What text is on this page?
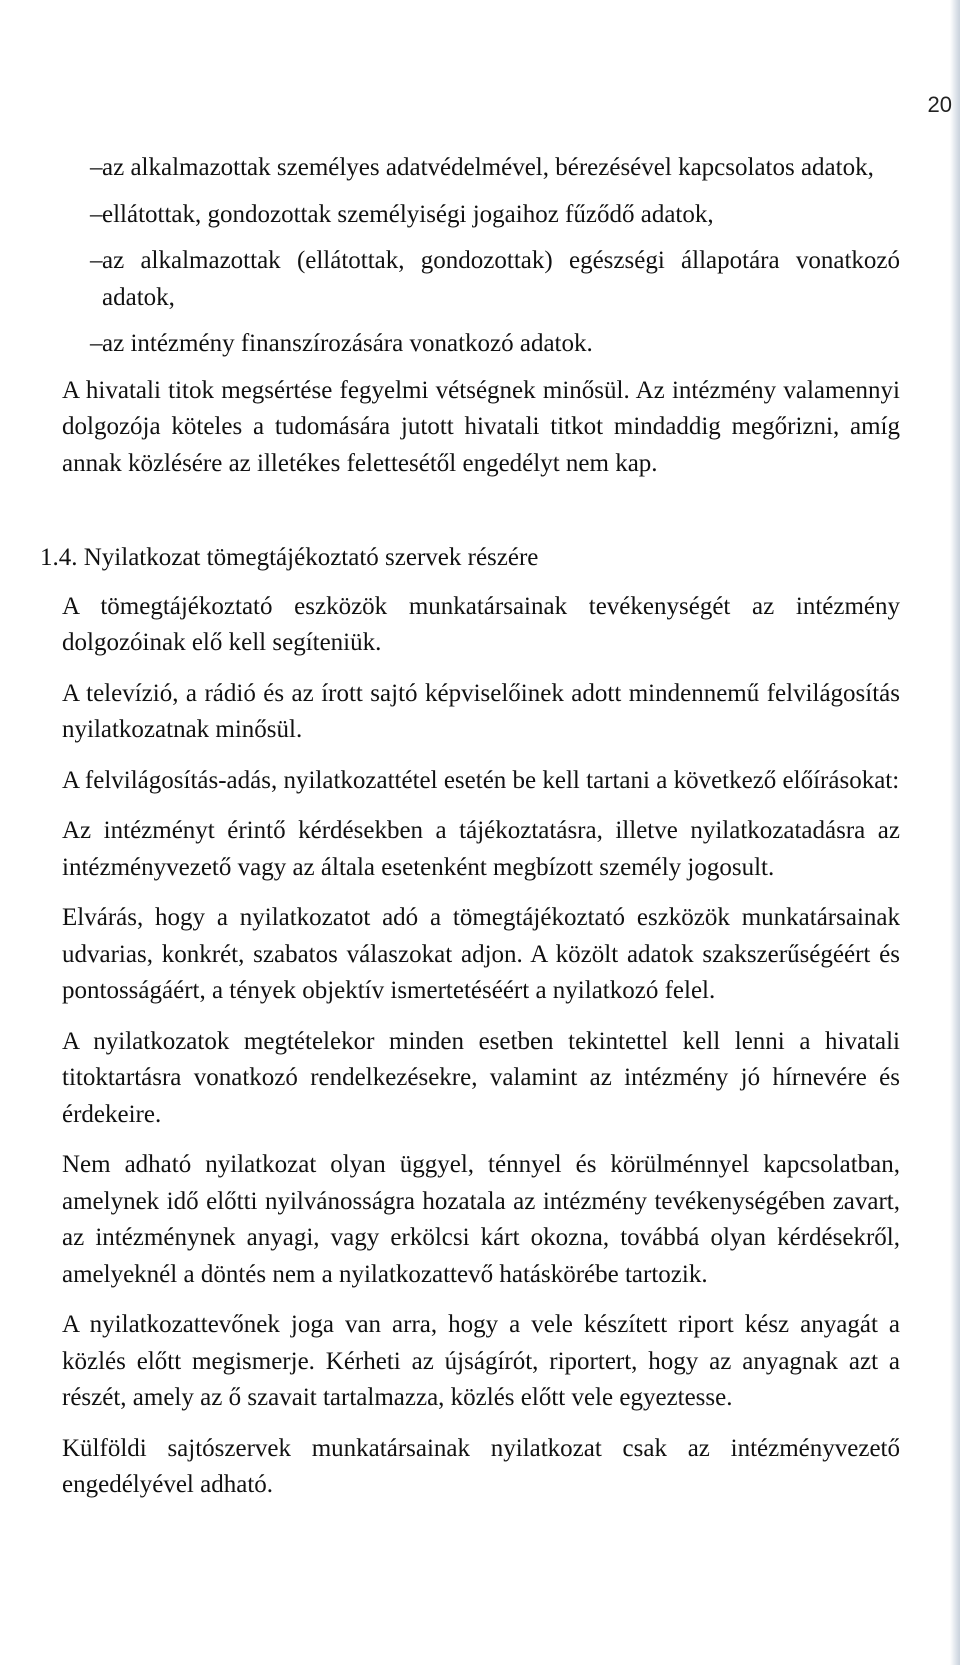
20
– az alkalmazottak személyes adatvédelmével, bérezésével kapcsolatos adatok,
– ellátottak, gondozottak személyiségi jogaihoz fűződő adatok,
– az alkalmazottak (ellátottak, gondozottak) egészségi állapotára vonatkozó adatok,
– az intézmény finanszírozására vonatkozó adatok.

A hivatali titok megsértése fegyelmi vétségnek minősül. Az intézmény valamennyi dolgozója köteles a tudomására jutott hivatali titkot mindaddig megőrizni, amíg annak közlésére az illetékes felettesétől engedélyt nem kap.

1.4. Nyilatkozat tömegtájékoztató szervek részére

A tömegtájékoztató eszközök munkatársainak tevékenységét az intézmény dolgozóinak elő kell segíteniük.

A televízió, a rádió és az írott sajtó képviselőinek adott mindennemű felvilágosítás nyilatkozatnak minősül.

A felvilágosítás-adás, nyilatkozattétel esetén be kell tartani a következő előírásokat:

Az intézményt érintő kérdésekben a tájékoztatásra, illetve nyilatkozatadásra az intézményvezető vagy az általa esetenként megbízott személy jogosult.

Elvárás, hogy a nyilatkozatot adó a tömegtájékoztató eszközök munkatársainak udvarias, konkrét, szabatos válaszokat adjon. A közölt adatok szakszerűségéért és pontosságáért, a tények objektív ismertetéséért a nyilatkozó felel.

A nyilatkozatok megtételekor minden esetben tekintettel kell lenni a hivatali titoktartásra vonatkozó rendelkezésekre, valamint az intézmény jó hírnevére és érdekeire.

Nem adható nyilatkozat olyan üggyel, ténnyel és körülménnyel kapcsolatban, amelynek idő előtti nyilvánosságra hozatala az intézmény tevékenységében zavart, az intézménynek anyagi, vagy erkölcsi kárt okozna, továbbá olyan kérdésekről, amelyeknél a döntés nem a nyilatkozattevő hatáskörébe tartozik.

A nyilatkozattevőnek joga van arra, hogy a vele készített riport kész anyagát a közlés előtt megismerje. Kérheti az újságírót, riportert, hogy az anyagnak azt a részét, amely az ő szavait tartalmazza, közlés előtt vele egyeztesse.

Külföldi sajtószervek munkatársainak nyilatkozat csak az intézményvezető engedélyével adható.
